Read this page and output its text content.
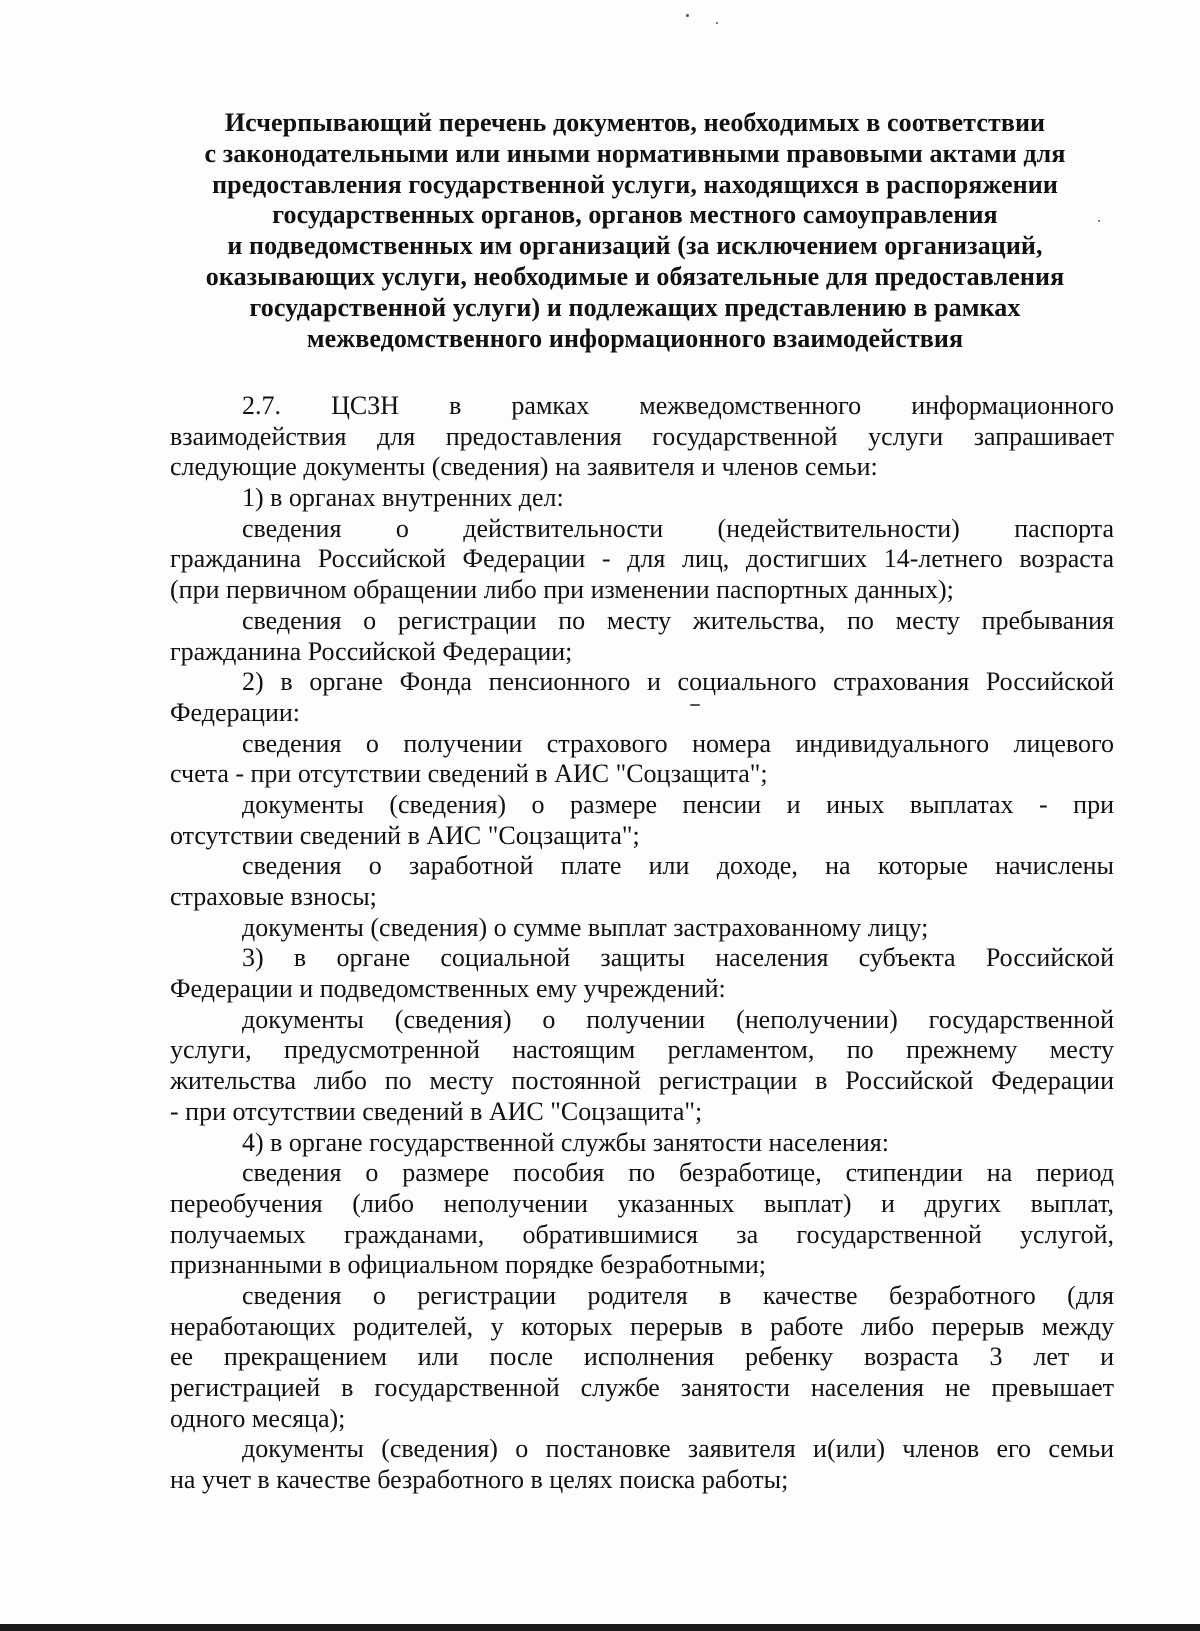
Исчерпывающий перечень документов, необходимых в соответствии
с законодательными или иными нормативными правовыми актами для
предоставления государственной услуги, находящихся в распоряжении
государственных органов, органов местного самоуправления
и подведомственных им организаций (за исключением организаций,
оказывающих услуги, необходимые и обязательные для предоставления
государственной услуги) и подлежащих представлению в рамках
межведомственного информационного взаимодействия
2.7. ЦСЗН в рамках межведомственного информационного
взаимодействия для предоставления государственной услуги запрашивает
следующие документы (сведения) на заявителя и членов семьи:
1) в органах внутренних дел:
сведения о действительности (недействительности) паспорта
гражданина Российской Федерации - для лиц, достигших 14-летнего возраста
(при первичном обращении либо при изменении паспортных данных);
сведения о регистрации по месту жительства, по месту пребывания
гражданина Российской Федерации;
2) в органе Фонда пенсионного и социального страхования Российской
Федерации:
сведения о получении страхового номера индивидуального лицевого
счета - при отсутствии сведений в АИС "Соцзащита";
документы (сведения) о размере пенсии и иных выплатах - при
отсутствии сведений в АИС "Соцзащита";
сведения о заработной плате или доходе, на которые начислены
страховые взносы;
документы (сведения) о сумме выплат застрахованному лицу;
3) в органе социальной защиты населения субъекта Российской
Федерации и подведомственных ему учреждений:
документы (сведения) о получении (неполучении) государственной
услуги, предусмотренной настоящим регламентом, по прежнему месту
жительства либо по месту постоянной регистрации в Российской Федерации
- при отсутствии сведений в АИС "Соцзащита";
4) в органе государственной службы занятости населения:
сведения о размере пособия по безработице, стипендии на период
переобучения (либо неполучении указанных выплат) и других выплат,
получаемых гражданами, обратившимися за государственной услугой,
признанными в официальном порядке безработными;
сведения о регистрации родителя в качестве безработного (для
неработающих родителей, у которых перерыв в работе либо перерыв между
ее прекращением или после исполнения ребенку возраста 3 лет и
регистрацией в государственной службе занятости населения не превышает
одного месяца);
документы (сведения) о постановке заявителя и(или) членов его семьи
на учет в качестве безработного в целях поиска работы;
